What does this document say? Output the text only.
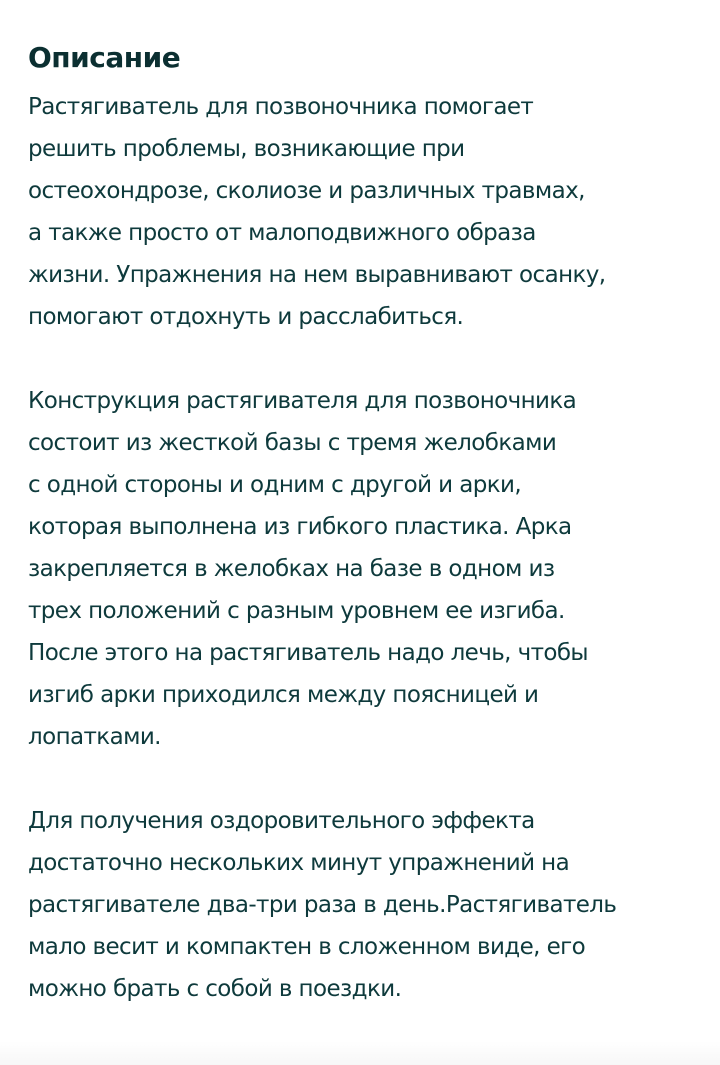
Описание

Растягиватель для позвоночника помогает
решить проблемы, возникающие при
остеохондрозе, сколиозе и различных травмах,
а также просто от малоподвижного образа
жизни. Упражнения на нем выравнивают осанку,
помогают отдохнуть и расслабиться.

Конструкция растягивателя для позвоночника
состоит из жесткой базы с тремя желобками
с одной стороны и одним с другой и арки,
которая выполнена из гибкого пластика. Арка
закрепляется в желобках на базе в одном из
трех положений с разным уровнем ее изгиба.
После этого на растягиватель надо лечь, чтобы
изгиб арки приходился между поясницей и
лопатками.

Для получения оздоровительного эффекта
достаточно нескольких минут упражнений на
растягивателе два-три раза в день.Растягиватель
мало весит и компактен в сложенном виде, его
можно брать с собой в поездки.
